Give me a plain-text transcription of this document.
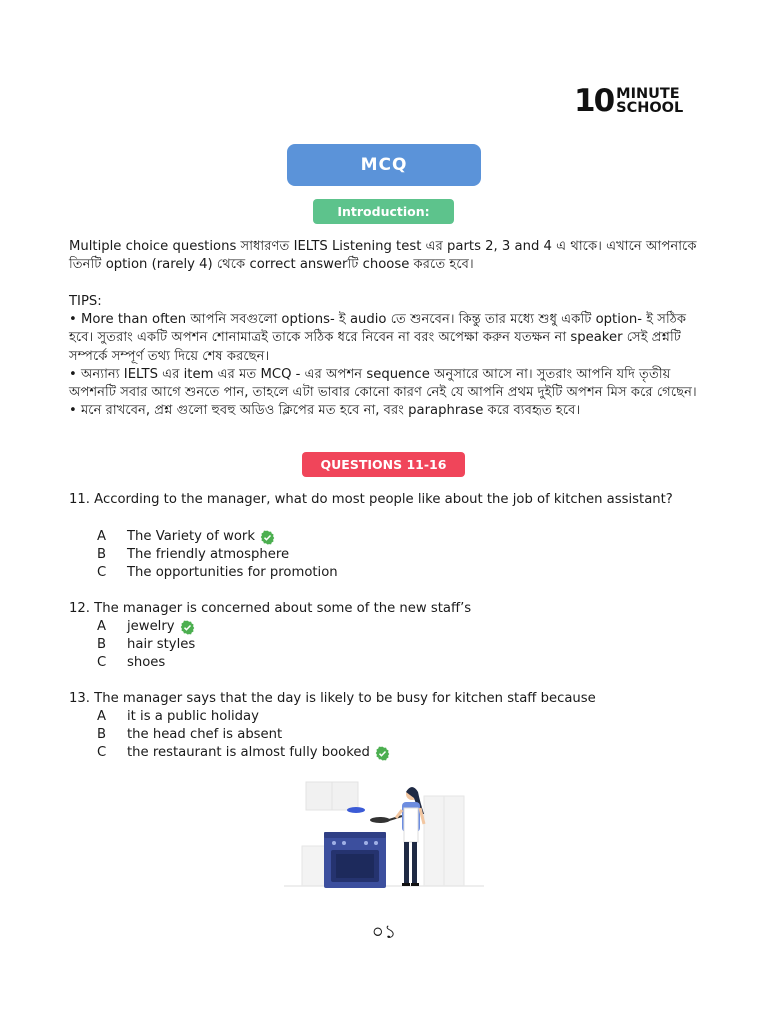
10 MINUTE
SCHOOL
MCQ
Introduction:

Multiple choice questions সাধারণত IELTS Listening test এর parts 2, 3 and 4 এ থাকে। এখানে আপনাকে তিনটি option (rarely 4) থেকে correct answerটি choose করতে হবে।

TIPS:
• More than often আপনি সবগুলো options- ই audio তে শুনবেন। কিন্তু তার মধ্যে শুধু একটি option- ই সঠিক হবে। সুতরাং একটি অপশন শোনামাত্রই তাকে সঠিক ধরে নিবেন না বরং অপেক্ষা করুন যতক্ষন না speaker সেই প্রশ্নটি সম্পর্কে সম্পূর্ণ তথ্য দিয়ে শেষ করছেন।
• অন্যান্য IELTS এর item এর মত MCQ - এর অপশন sequence অনুসারে আসে না। সুতরাং আপনি যদি তৃতীয় অপশনটি সবার আগে শুনতে পান, তাহলে এটা ভাবার কোনো কারণ নেই যে আপনি প্রথম দুইটি অপশন মিস করে গেছেন।
• মনে রাখবেন, প্রশ্ন গুলো হুবহু অডিও ক্লিপের মত হবে না, বরং paraphrase করে ব্যবহৃত হবে।
QUESTIONS 11-16
11. According to the manager, what do most people like about the job of kitchen assistant?
A	The Variety of work
B	The friendly atmosphere
C	The opportunities for promotion
12. The manager is concerned about some of the new staff’s
A	jewelry
B	hair styles
C	shoes
13. The manager says that the day is likely to be busy for kitchen staff because
A	it is a public holiday
B	the head chef is absent
C	the restaurant is almost fully booked
০১
